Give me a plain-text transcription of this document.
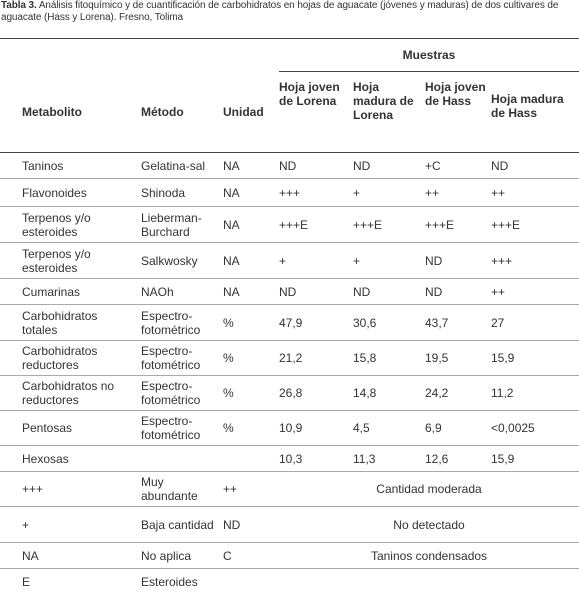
Tabla 3. Análisis fitoquímico y de cuantificación de carbohidratos en hojas de aguacate (jóvenes y maduras) de dos cultivares de aguacate (Hass y Lorena). Fresno, Tolima
			Muestras			
Metabolito	Método	Unidad	Hoja joven de Lorena	Hoja madura de Lorena	Hoja joven de Hass	Hoja madura de Hass
Taninos	Gelatina-sal	NA	ND	ND	+C	ND
Flavonoides	Shinoda	NA	+++	+	++	++
Terpenos y/o esteroides	Lieberman-Burchard	NA	+++E	+++E	+++E	+++E
Terpenos y/o esteroides	Salkwosky	NA	+	+	ND	+++
Cumarinas	NAOh	NA	ND	ND	ND	++
Carbohidratos totales	Espectro-fotométrico	%	47,9	30,6	43,7	27
Carbohidratos reductores	Espectro-fotométrico	%	21,2	15,8	19,5	15,9
Carbohidratos no reductores	Espectro-fotométrico	%	26,8	14,8	24,2	11,2
Pentosas	Espectro-fotométrico	%	10,9	4,5	6,9	<0,0025
Hexosas			10,3	11,3	12,6	15,9
+++	Muy abundante	++	Cantidad moderada			
+	Baja cantidad	ND	No detectado			
NA	No aplica	C	Taninos condensados			
E	Esteroides					
